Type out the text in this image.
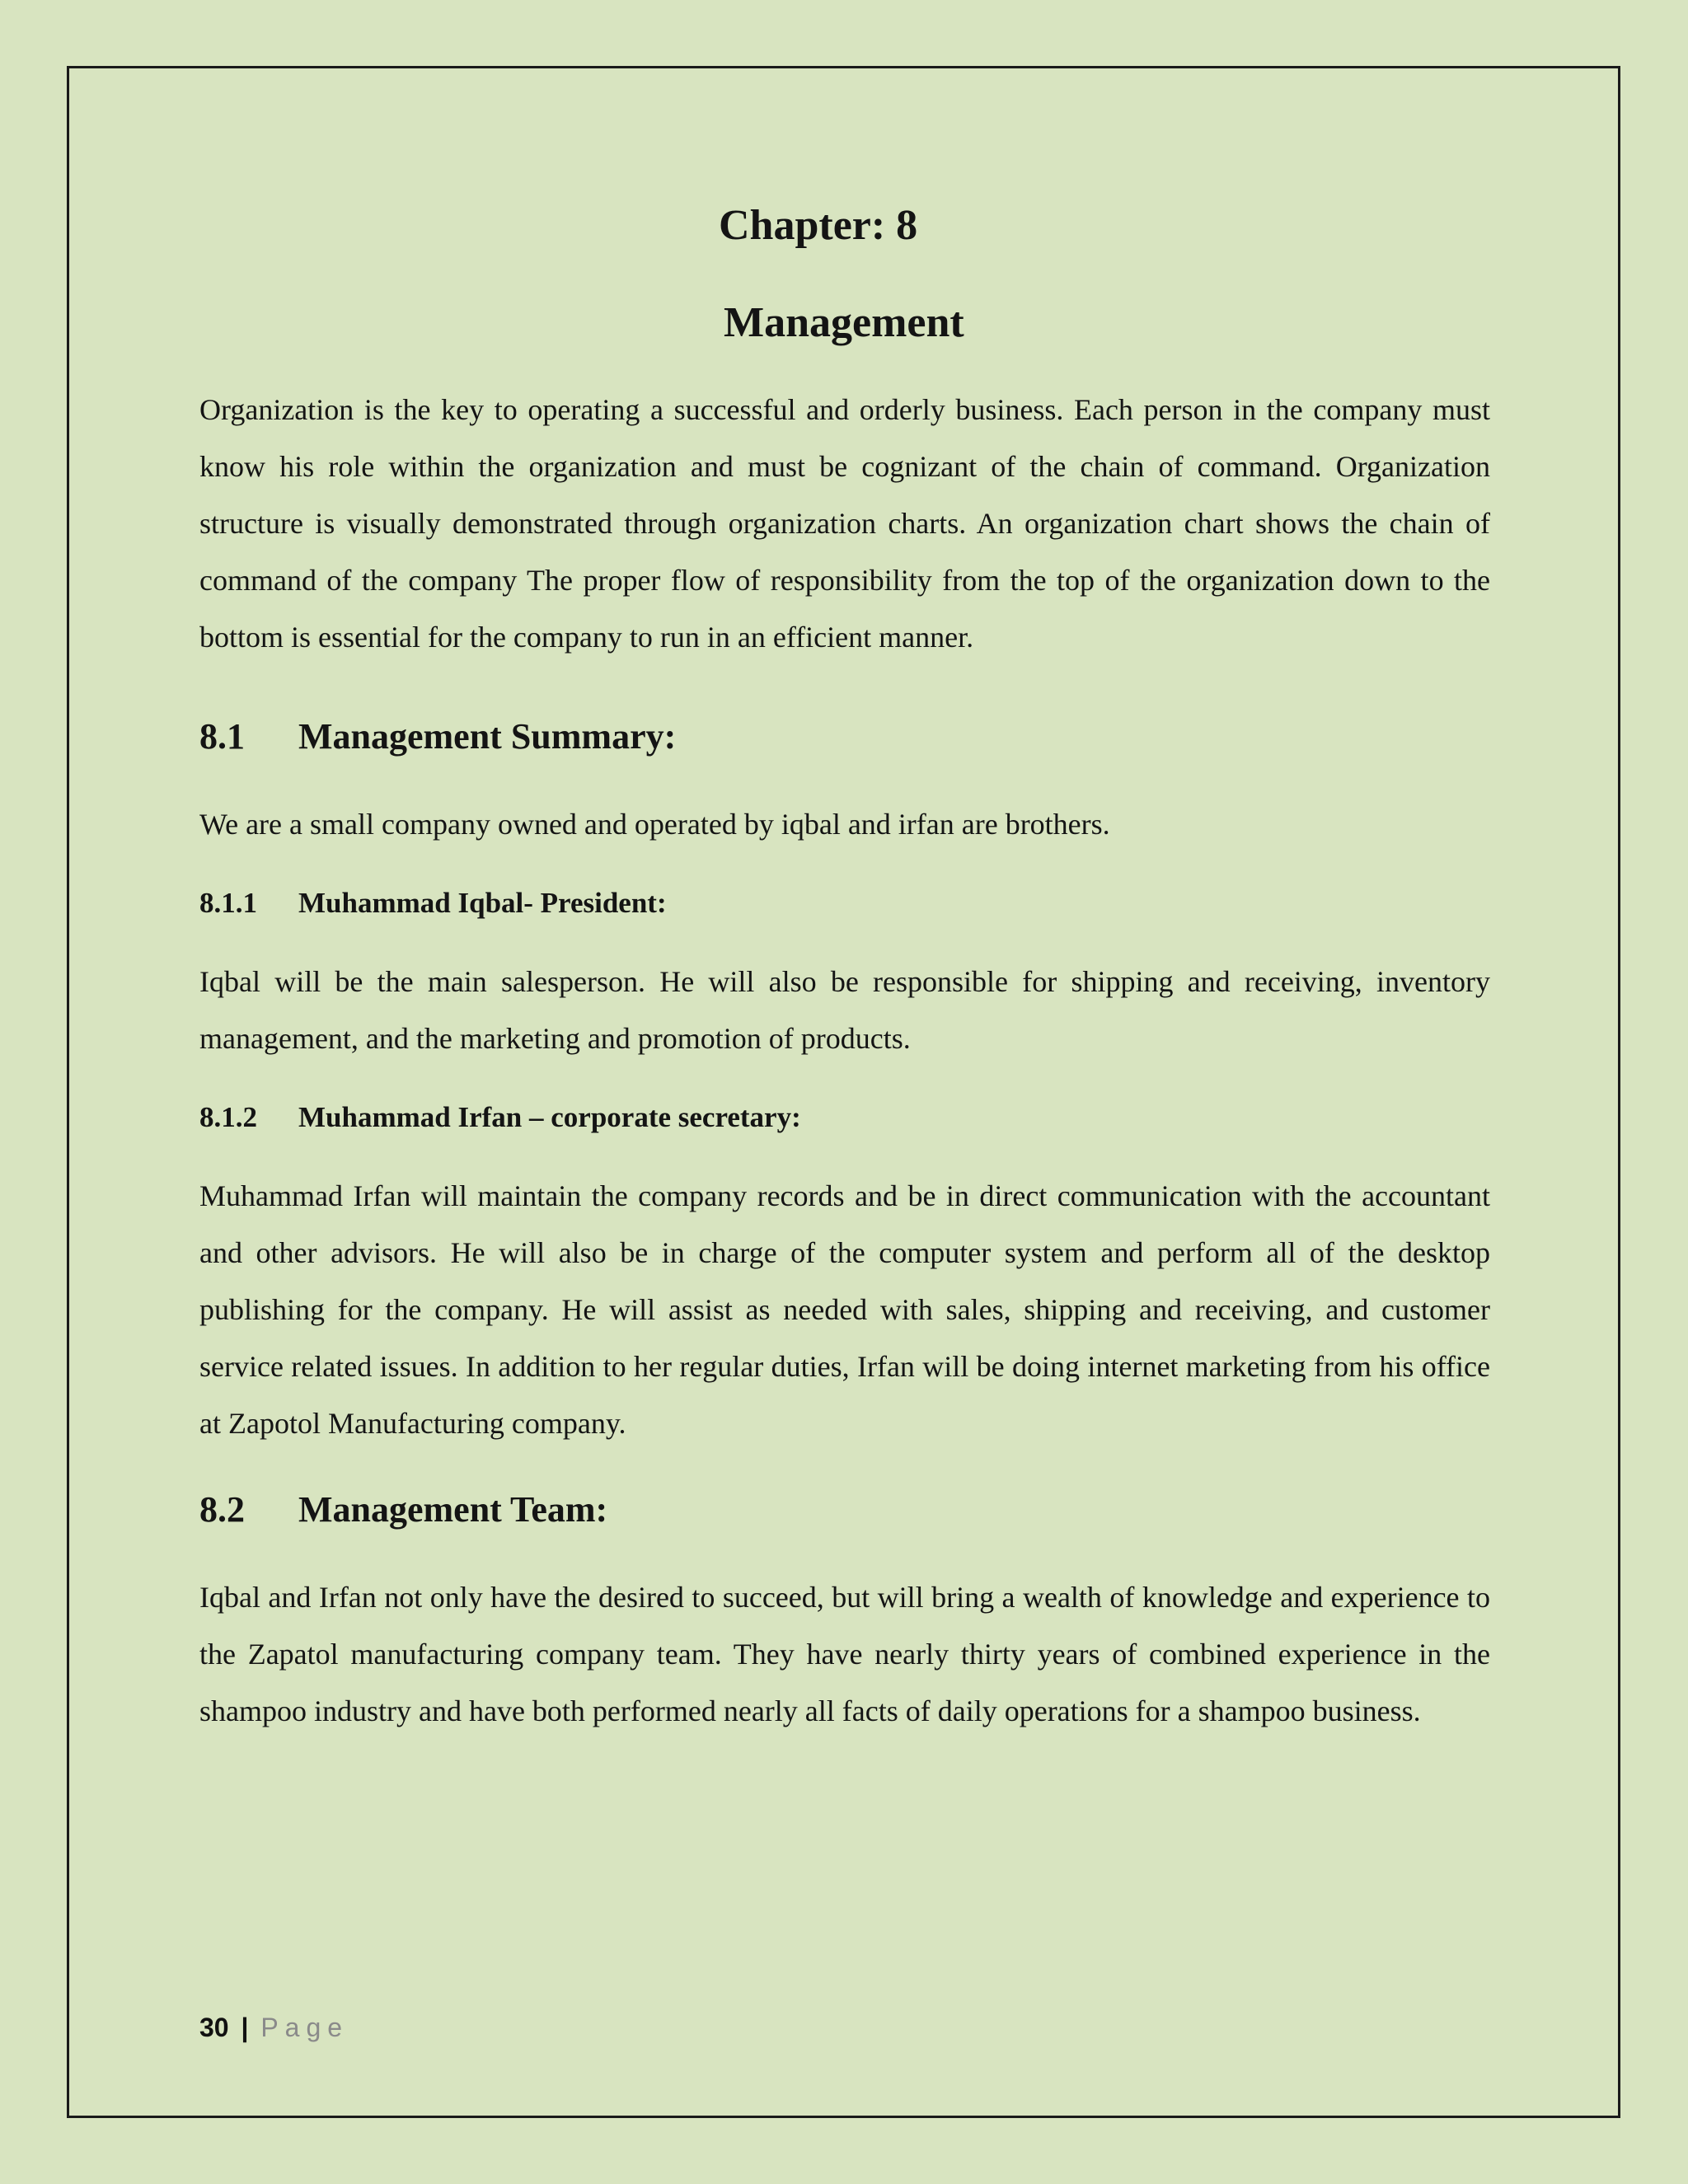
Chapter: 8
Management

Organization is the key to operating a successful and orderly business. Each person in the company must know his role within the organization and must be cognizant of the chain of command. Organization structure is visually demonstrated through organization charts. An organization chart shows the chain of command of the company The proper flow of responsibility from the top of the organization down to the bottom is essential for the company to run in an efficient manner.

8.1	Management Summary:

We are a small company owned and operated by iqbal and irfan are brothers.

8.1.1	Muhammad Iqbal- President:

Iqbal will be the main salesperson. He will also be responsible for shipping and receiving, inventory management, and the marketing and promotion of products.

8.1.2	Muhammad Irfan – corporate secretary:

Muhammad Irfan will maintain the company records and be in direct communication with the accountant and other advisors. He will also be in charge of the computer system and perform all of the desktop publishing for the company. He will assist as needed with sales, shipping and receiving, and customer service related issues. In addition to her regular duties, Irfan will be doing internet marketing from his office at Zapotol Manufacturing company.

8.2	Management Team:

Iqbal and Irfan not only have the desired to succeed, but will bring a wealth of knowledge and experience to the Zapatol manufacturing company team. They have nearly thirty years of combined experience in the shampoo industry and have both performed nearly all facts of daily operations for a shampoo business.

30 | Page
